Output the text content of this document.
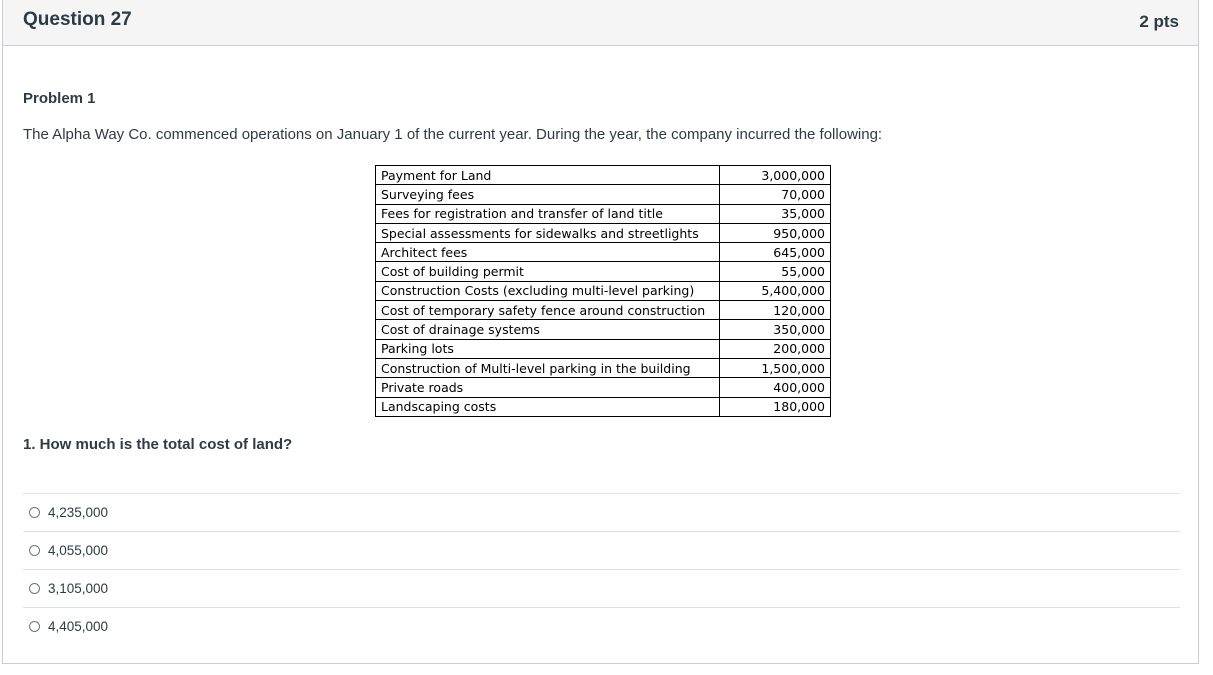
Question 27	2 pts
Problem 1
The Alpha Way Co. commenced operations on January 1 of the current year. During the year, the company incurred the following:
Payment for Land	3,000,000
Surveying fees	70,000
Fees for registration and transfer of land title	35,000
Special assessments for sidewalks and streetlights	950,000
Architect fees	645,000
Cost of building permit	55,000
Construction Costs (excluding multi-level parking)	5,400,000
Cost of temporary safety fence around construction	120,000
Cost of drainage systems	350,000
Parking lots	200,000
Construction of Multi-level parking in the building	1,500,000
Private roads	400,000
Landscaping costs	180,000
1. How much is the total cost of land?
4,235,000
4,055,000
3,105,000
4,405,000
